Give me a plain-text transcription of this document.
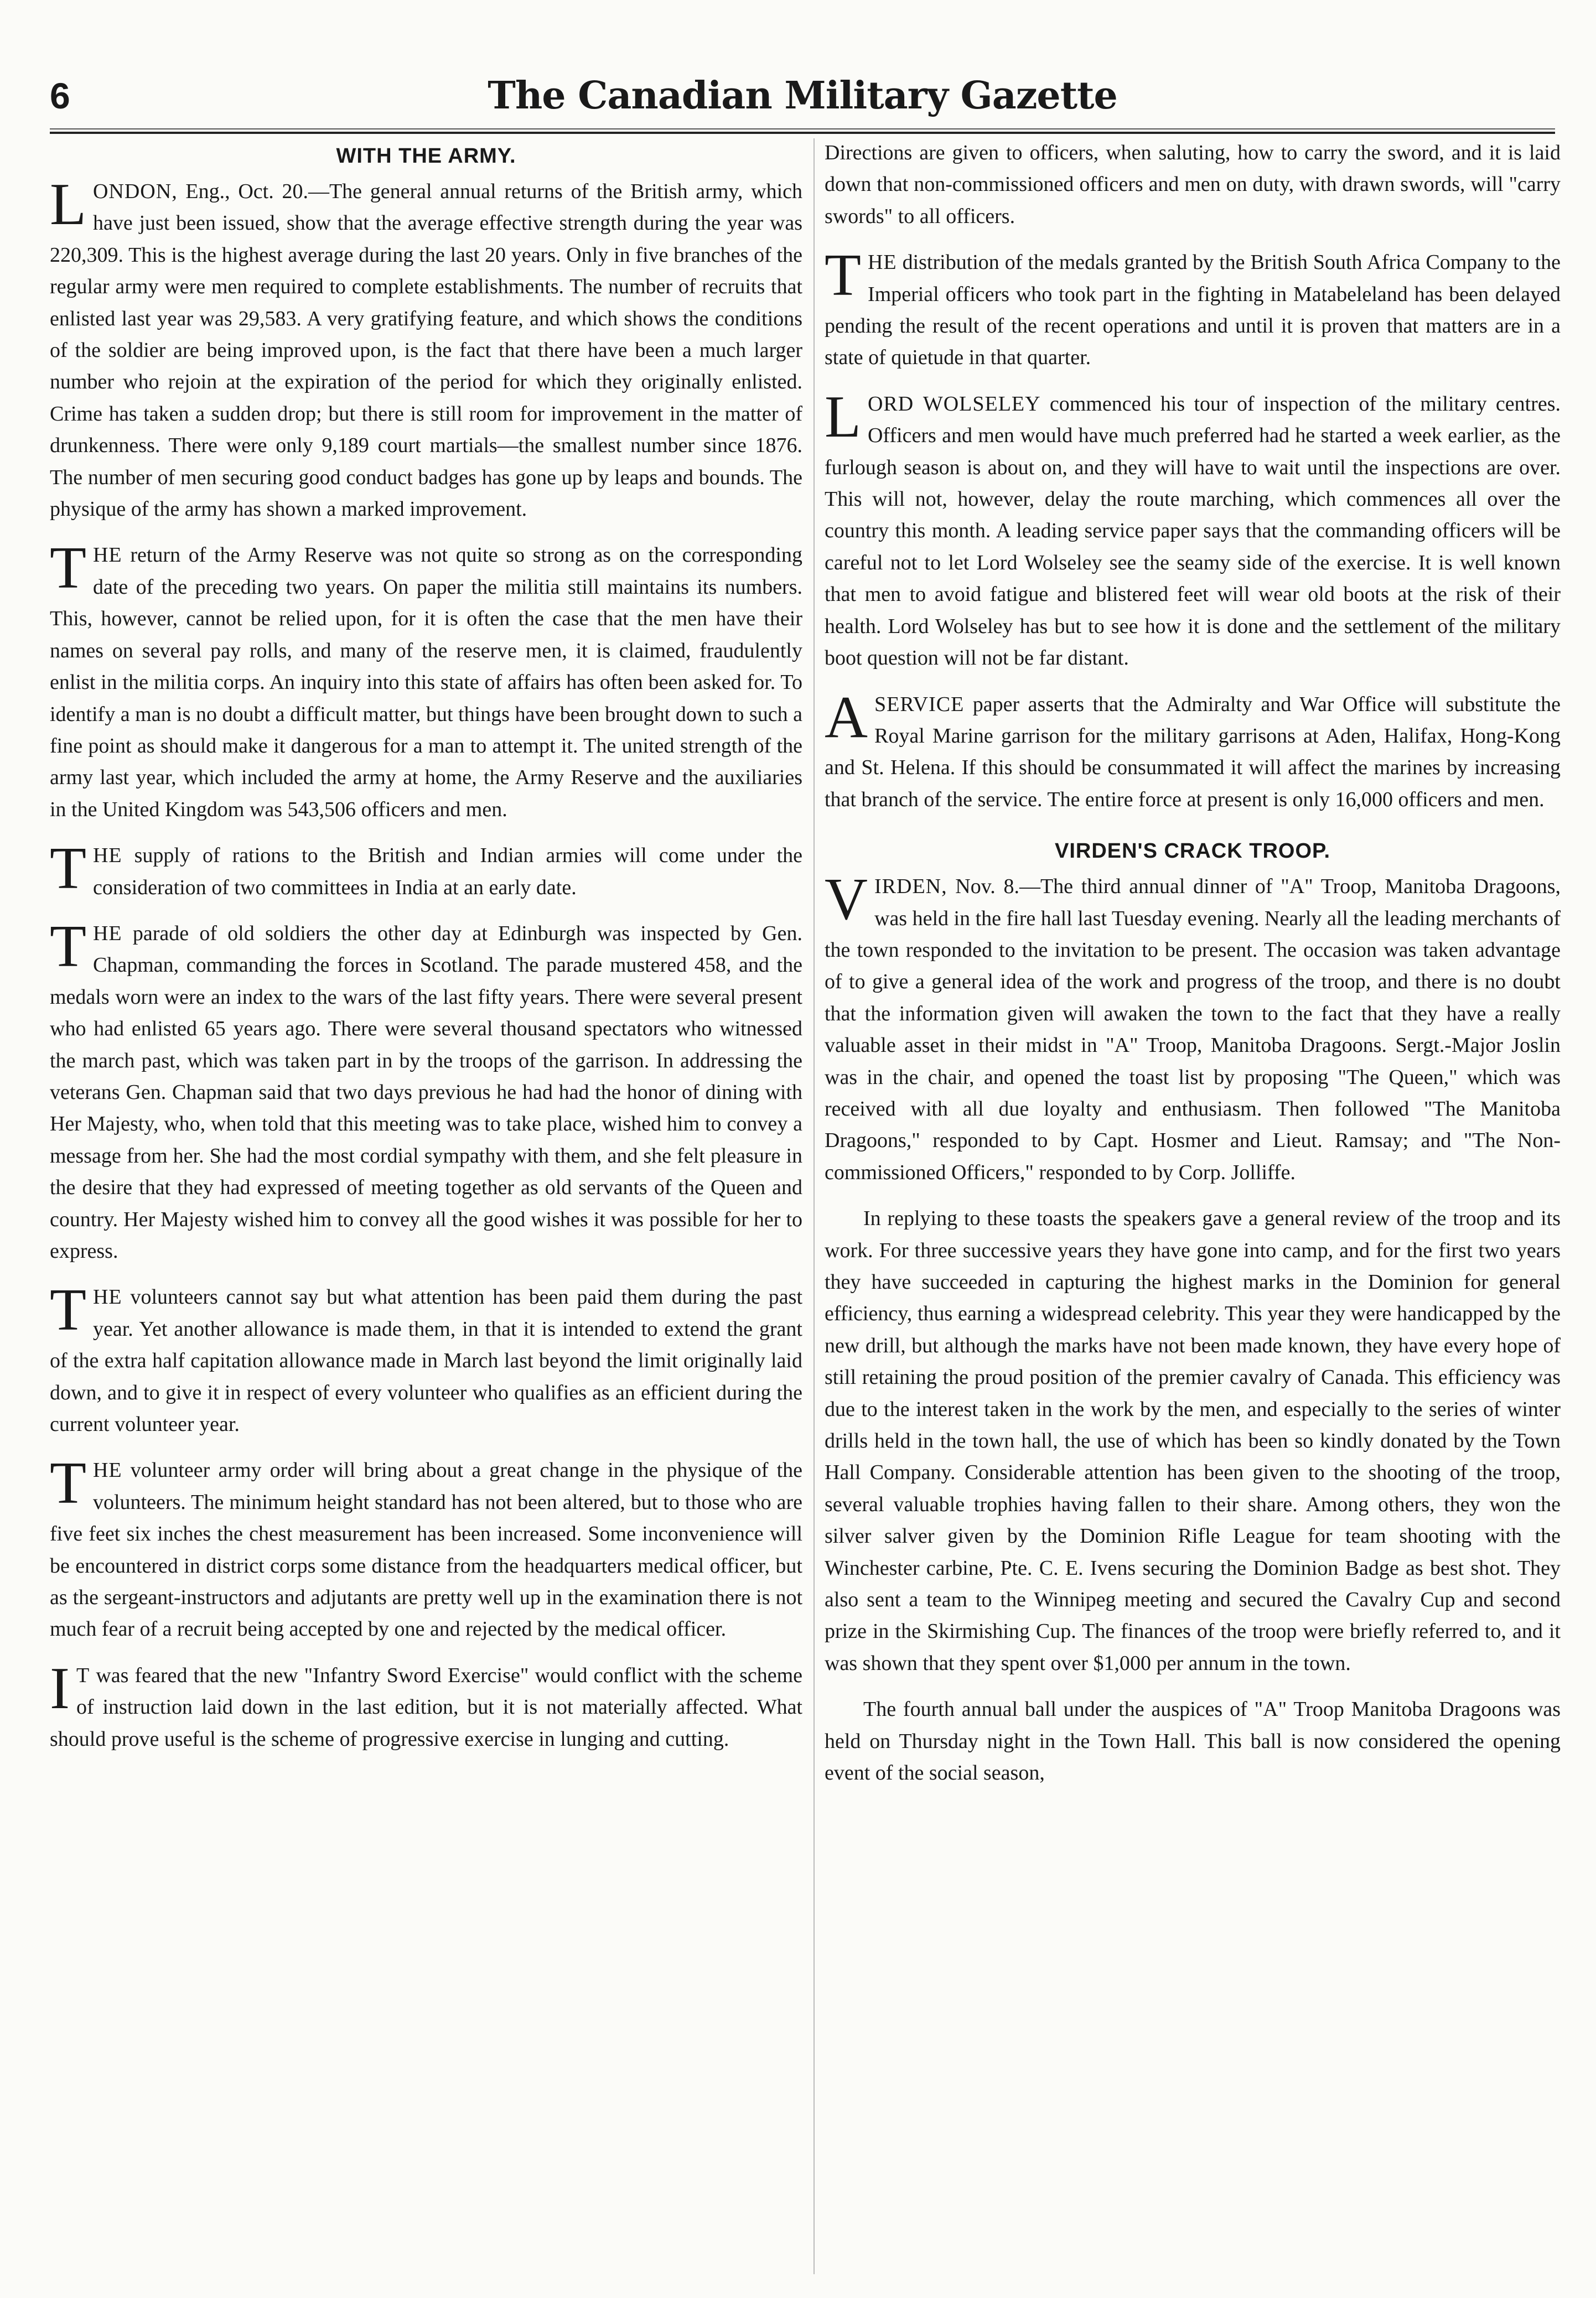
6	The Canadian Military Gazette
WITH THE ARMY.

LONDON, Eng., Oct. 20.—The general annual returns of the British army, which have just been issued, show that the average effective strength during the year was 220,309. This is the highest average during the last 20 years. Only in five branches of the regular army were men required to complete establishments. The number of recruits that enlisted last year was 29,583. A very gratifying feature, and which shows the conditions of the soldier are being improved upon, is the fact that there have been a much larger number who rejoin at the expiration of the period for which they originally enlisted. Crime has taken a sudden drop; but there is still room for improvement in the matter of drunkenness. There were only 9,189 court martials—the smallest number since 1876. The number of men securing good conduct badges has gone up by leaps and bounds. The physique of the army has shown a marked improvement.

THE return of the Army Reserve was not quite so strong as on the corresponding date of the preceding two years. On paper the militia still maintains its numbers. This, however, cannot be relied upon, for it is often the case that the men have their names on several pay rolls, and many of the reserve men, it is claimed, fraudulently enlist in the militia corps. An inquiry into this state of affairs has often been asked for. To identify a man is no doubt a difficult matter, but things have been brought down to such a fine point as should make it dangerous for a man to attempt it. The united strength of the army last year, which included the army at home, the Army Reserve and the auxiliaries in the United Kingdom was 543,506 officers and men.

THE supply of rations to the British and Indian armies will come under the consideration of two committees in India at an early date.

THE parade of old soldiers the other day at Edinburgh was inspected by Gen. Chapman, commanding the forces in Scotland. The parade mustered 458, and the medals worn were an index to the wars of the last fifty years. There were several present who had enlisted 65 years ago. There were several thousand spectators who witnessed the march past, which was taken part in by the troops of the garrison. In addressing the veterans Gen. Chapman said that two days previous he had had the honor of dining with Her Majesty, who, when told that this meeting was to take place, wished him to convey a message from her. She had the most cordial sympathy with them, and she felt pleasure in the desire that they had expressed of meeting together as old servants of the Queen and country. Her Majesty wished him to convey all the good wishes it was possible for her to express.

THE volunteers cannot say but what attention has been paid them during the past year. Yet another allowance is made them, in that it is intended to extend the grant of the extra half capitation allowance made in March last beyond the limit originally laid down, and to give it in respect of every volunteer who qualifies as an efficient during the current volunteer year.

THE volunteer army order will bring about a great change in the physique of the volunteers. The minimum height standard has not been altered, but to those who are five feet six inches the chest measurement has been increased. Some inconvenience will be encountered in district corps some distance from the headquarters medical officer, but as the sergeant-instructors and adjutants are pretty well up in the examination there is not much fear of a recruit being accepted by one and rejected by the medical officer.

I T was feared that the new "Infantry Sword Exercise" would conflict with the scheme of instruction laid down in the last edition, but it is not materially affected. What should prove useful is the scheme of progressive exercise in lunging and cutting.

Directions are given to officers, when saluting, how to carry the sword, and it is laid down that non-commissioned officers and men on duty, with drawn swords, will "carry swords" to all officers.

THE distribution of the medals granted by the British South Africa Company to the Imperial officers who took part in the fighting in Matabeleland has been delayed pending the result of the recent operations and until it is proven that matters are in a state of quietude in that quarter.

LORD WOLSELEY commenced his tour of inspection of the military centres. Officers and men would have much preferred had he started a week earlier, as the furlough season is about on, and they will have to wait until the inspections are over. This will not, however, delay the route marching, which commences all over the country this month. A leading service paper says that the commanding officers will be careful not to let Lord Wolseley see the seamy side of the exercise. It is well known that men to avoid fatigue and blistered feet will wear old boots at the risk of their health. Lord Wolseley has but to see how it is done and the settlement of the military boot question will not be far distant.

ASERVICE paper asserts that the Admiralty and War Office will substitute the Royal Marine garrison for the military garrisons at Aden, Halifax, Hong-Kong and St. Helena. If this should be consummated it will affect the marines by increasing that branch of the service. The entire force at present is only 16,000 officers and men.

VIRDEN'S CRACK TROOP.

VIRDEN, Nov. 8.—The third annual dinner of "A" Troop, Manitoba Dragoons, was held in the fire hall last Tuesday evening. Nearly all the leading merchants of the town responded to the invitation to be present. The occasion was taken advantage of to give a general idea of the work and progress of the troop, and there is no doubt that the information given will awaken the town to the fact that they have a really valuable asset in their midst in "A" Troop, Manitoba Dragoons. Sergt.-Major Joslin was in the chair, and opened the toast list by proposing "The Queen," which was received with all due loyalty and enthusiasm. Then followed "The Manitoba Dragoons," responded to by Capt. Hosmer and Lieut. Ramsay; and "The Non-commissioned Officers," responded to by Corp. Jolliffe.

In replying to these toasts the speakers gave a general review of the troop and its work. For three successive years they have gone into camp, and for the first two years they have succeeded in capturing the highest marks in the Dominion for general efficiency, thus earning a widespread celebrity. This year they were handicapped by the new drill, but although the marks have not been made known, they have every hope of still retaining the proud position of the premier cavalry of Canada. This efficiency was due to the interest taken in the work by the men, and especially to the series of winter drills held in the town hall, the use of which has been so kindly donated by the Town Hall Company. Considerable attention has been given to the shooting of the troop, several valuable trophies having fallen to their share. Among others, they won the silver salver given by the Dominion Rifle League for team shooting with the Winchester carbine, Pte. C. E. Ivens securing the Dominion Badge as best shot. They also sent a team to the Winnipeg meeting and secured the Cavalry Cup and second prize in the Skirmishing Cup. The finances of the troop were briefly referred to, and it was shown that they spent over $1,000 per annum in the town.

The fourth annual ball under the auspices of "A" Troop Manitoba Dragoons was held on Thursday night in the Town Hall. This ball is now considered the opening event of the social season,
